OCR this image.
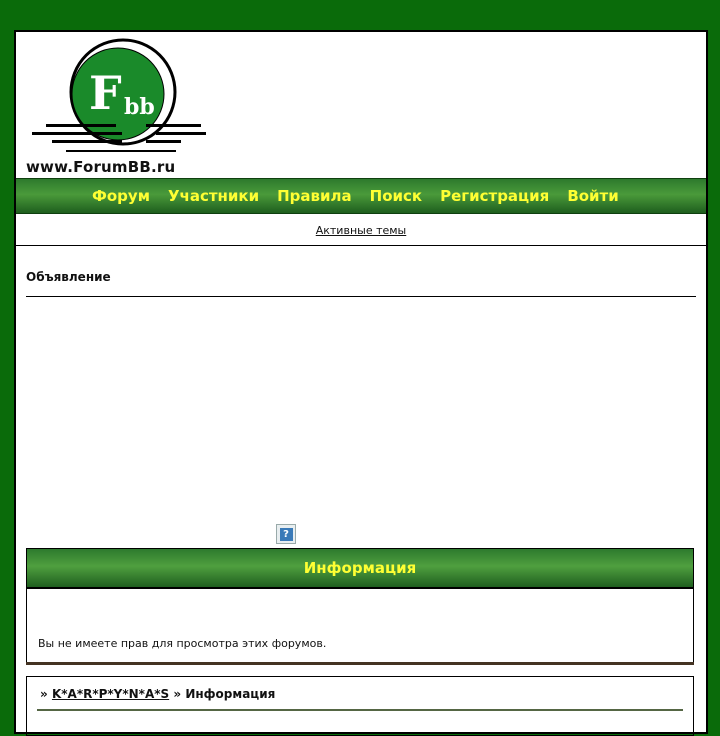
F bb
www.ForumBB.ru
Форум Участники Правила Поиск Регистрация Войти
Активные темы
Объявление
?
Информация
Вы не имеете прав для просмотра этих форумов.
» K*A*R*P*Y*N*A*S » Информация
